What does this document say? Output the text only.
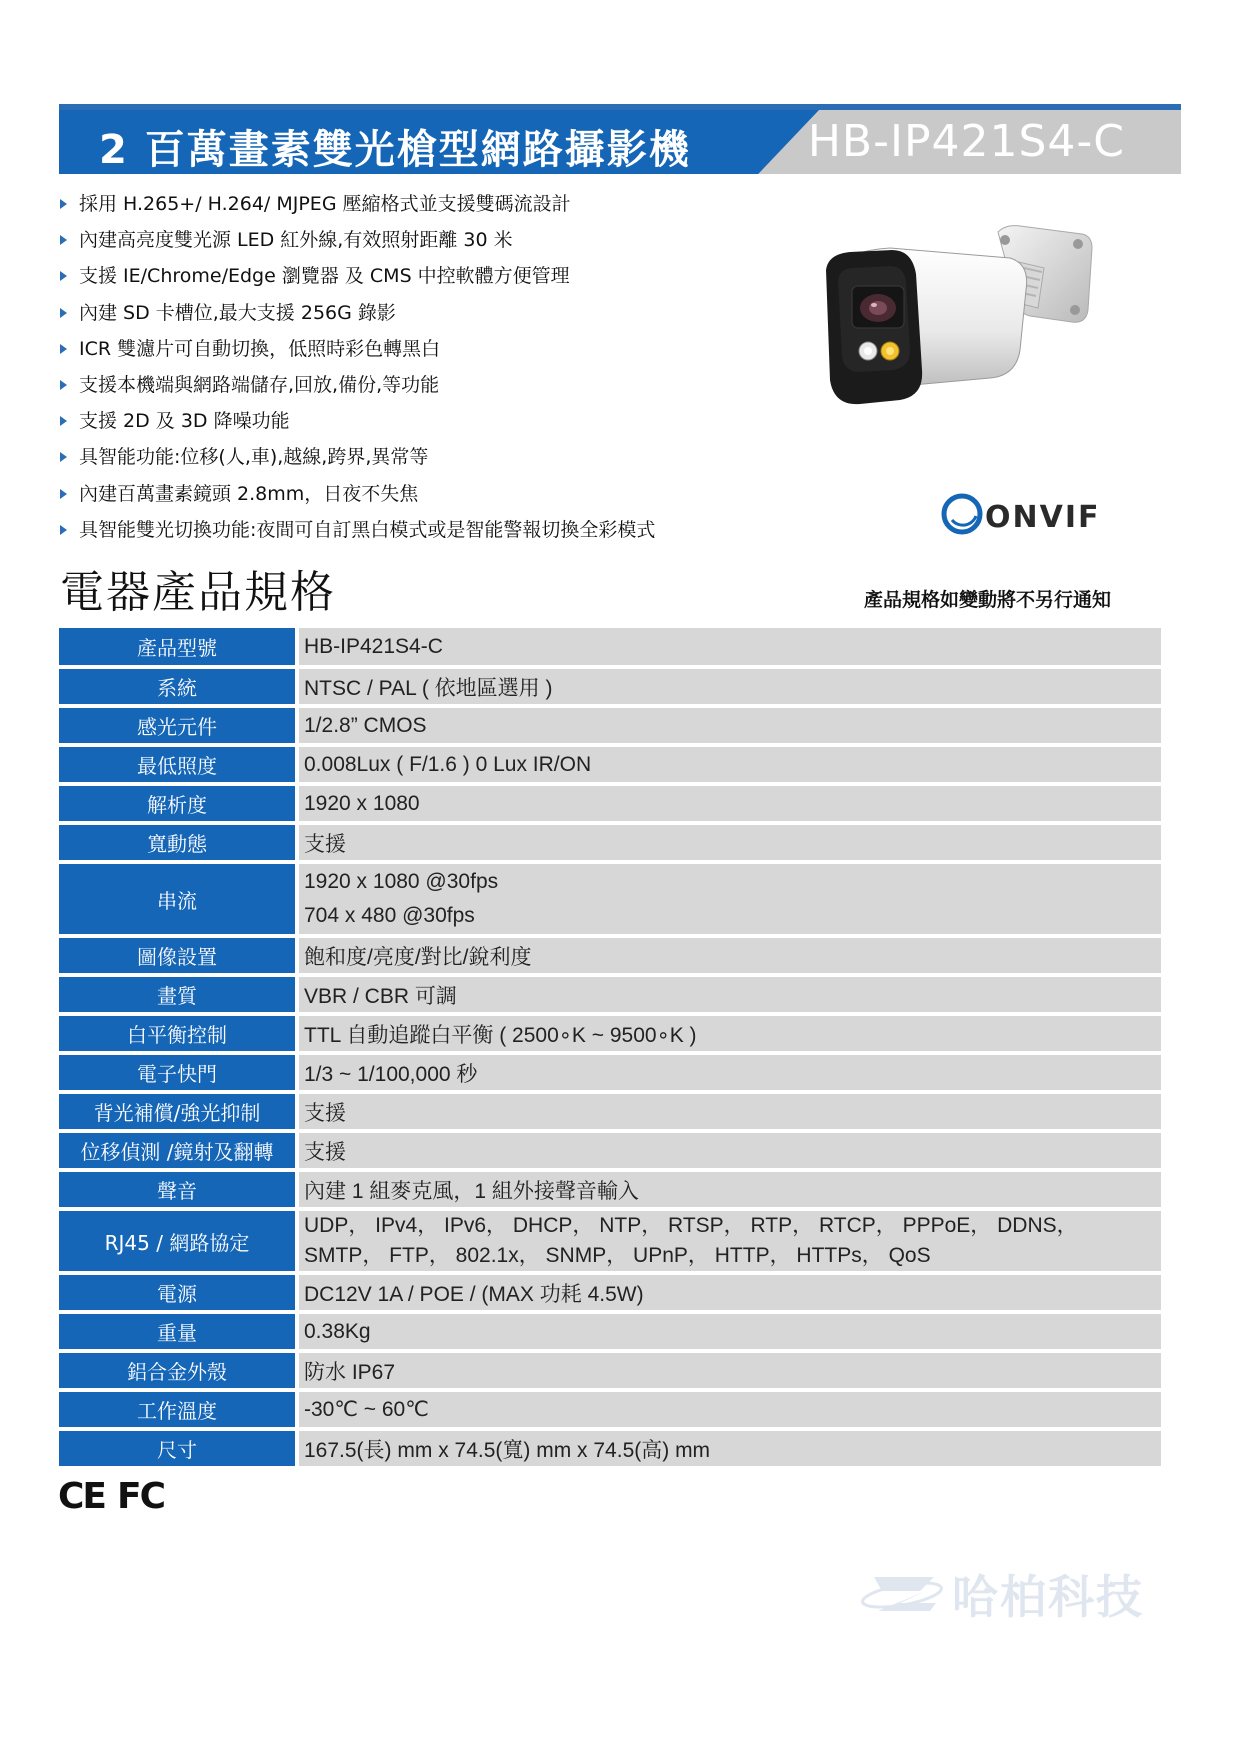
2 百萬畫素雙光槍型網路攝影機	HB-IP421S4-C
採用 H.265+/ H.264/ MJPEG 壓縮格式並支援雙碼流設計
內建高亮度雙光源 LED 紅外線,有效照射距離 30 米
支援 IE/Chrome/Edge 瀏覽器 及 CMS 中控軟體方便管理
內建 SD 卡槽位,最大支援 256G 錄影
ICR 雙濾片可自動切換，低照時彩色轉黑白
支援本機端與網路端儲存,回放,備份,等功能
支援 2D 及 3D 降噪功能
具智能功能:位移(人,車),越線,跨界,異常等
內建百萬畫素鏡頭 2.8mm，日夜不失焦
具智能雙光切換功能:夜間可自訂黑白模式或是智能警報切換全彩模式	ONVIF
電器產品規格	產品規格如變動將不另行通知
產品型號	HB-IP421S4-C
系統	NTSC / PAL ( 依地區選用 )
感光元件	1/2.8” CMOS
最低照度	0.008Lux ( F/1.6 ) 0 Lux IR/ON
解析度	1920 x 1080
寬動態	支援
串流	1920 x 1080 @30fps
704 x 480 @30fps

圖像設置	飽和度/亮度/對比/銳利度
畫質	VBR / CBR 可調
白平衡控制	TTL 自動追蹤白平衡 ( 2500∘K ~ 9500∘K )
電子快門	1/3 ~ 1/100,000 秒
背光補償/強光抑制	支援
位移偵測 /鏡射及翻轉	支援
聲音	內建 1 組麥克風，1 組外接聲音輸入
RJ45 / 網路協定	UDP， IPv4， IPv6， DHCP， NTP， RTSP， RTP， RTCP， PPPoE， DDNS，
SMTP， FTP， 802.1x， SNMP， UPnP， HTTP， HTTPs， QoS

電源	DC12V 1A / POE / (MAX 功耗 4.5W)
重量	0.38Kg
鋁合金外殼	防水 IP67
工作溫度	-30℃ ~ 60℃
尺寸	167.5(長) mm x 74.5(寬) mm x 74.5(高) mm
CE FC
哈柏科技
